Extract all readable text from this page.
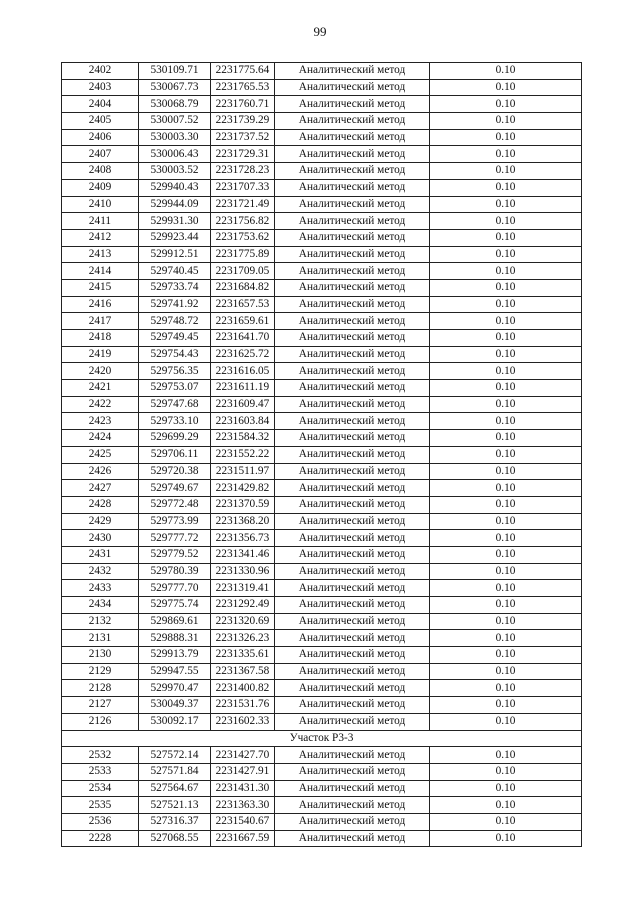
99
2402	530109.71	2231775.64	Аналитический метод	0.10
2403	530067.73	2231765.53	Аналитический метод	0.10
2404	530068.79	2231760.71	Аналитический метод	0.10
2405	530007.52	2231739.29	Аналитический метод	0.10
2406	530003.30	2231737.52	Аналитический метод	0.10
2407	530006.43	2231729.31	Аналитический метод	0.10
2408	530003.52	2231728.23	Аналитический метод	0.10
2409	529940.43	2231707.33	Аналитический метод	0.10
2410	529944.09	2231721.49	Аналитический метод	0.10
2411	529931.30	2231756.82	Аналитический метод	0.10
2412	529923.44	2231753.62	Аналитический метод	0.10
2413	529912.51	2231775.89	Аналитический метод	0.10
2414	529740.45	2231709.05	Аналитический метод	0.10
2415	529733.74	2231684.82	Аналитический метод	0.10
2416	529741.92	2231657.53	Аналитический метод	0.10
2417	529748.72	2231659.61	Аналитический метод	0.10
2418	529749.45	2231641.70	Аналитический метод	0.10
2419	529754.43	2231625.72	Аналитический метод	0.10
2420	529756.35	2231616.05	Аналитический метод	0.10
2421	529753.07	2231611.19	Аналитический метод	0.10
2422	529747.68	2231609.47	Аналитический метод	0.10
2423	529733.10	2231603.84	Аналитический метод	0.10
2424	529699.29	2231584.32	Аналитический метод	0.10
2425	529706.11	2231552.22	Аналитический метод	0.10
2426	529720.38	2231511.97	Аналитический метод	0.10
2427	529749.67	2231429.82	Аналитический метод	0.10
2428	529772.48	2231370.59	Аналитический метод	0.10
2429	529773.99	2231368.20	Аналитический метод	0.10
2430	529777.72	2231356.73	Аналитический метод	0.10
2431	529779.52	2231341.46	Аналитический метод	0.10
2432	529780.39	2231330.96	Аналитический метод	0.10
2433	529777.70	2231319.41	Аналитический метод	0.10
2434	529775.74	2231292.49	Аналитический метод	0.10
2132	529869.61	2231320.69	Аналитический метод	0.10
2131	529888.31	2231326.23	Аналитический метод	0.10
2130	529913.79	2231335.61	Аналитический метод	0.10
2129	529947.55	2231367.58	Аналитический метод	0.10
2128	529970.47	2231400.82	Аналитический метод	0.10
2127	530049.37	2231531.76	Аналитический метод	0.10
2126	530092.17	2231602.33	Аналитический метод	0.10
Участок Р3-3				
2532	527572.14	2231427.70	Аналитический метод	0.10
2533	527571.84	2231427.91	Аналитический метод	0.10
2534	527564.67	2231431.30	Аналитический метод	0.10
2535	527521.13	2231363.30	Аналитический метод	0.10
2536	527316.37	2231540.67	Аналитический метод	0.10
2228	527068.55	2231667.59	Аналитический метод	0.10
